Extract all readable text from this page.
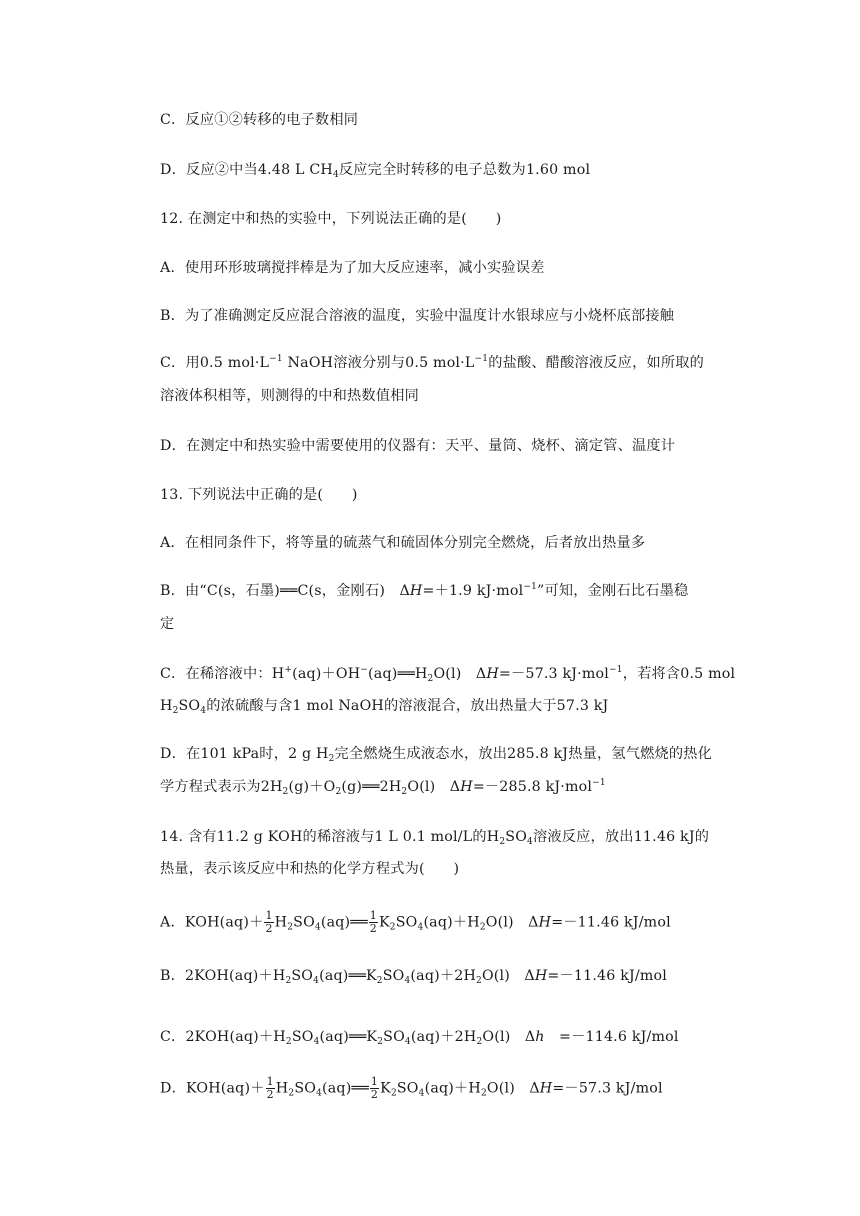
C．反应①②转移的电子数相同
D．反应②中当4.48 L $CH_4$反应完全时转移的电子总数为1.60 mol
12. 在测定中和热的实验中，下列说法正确的是(　　)
A．使用环形玻璃搅拌棒是为了加大反应速率，减小实验误差
B．为了准确测定反应混合溶液的温度，实验中温度计水银球应与小烧杯底部接触
C．用0.5 $mol\cdot L^{-1}$ NaOH溶液分别与0.5 $mol\cdot L^{-1}$的盐酸、醋酸溶液反应，如所取的
溶液体积相等，则测得的中和热数值相同
D．在测定中和热实验中需要使用的仪器有：天平、量筒、烧杯、滴定管、温度计
13. 下列说法中正确的是(　　)
A．在相同条件下，将等量的硫蒸气和硫固体分别完全燃烧，后者放出热量多
B．由“C(s，石墨)══C(s，金刚石)　ΔH=＋1.9 kJ·mol$^{-1}$”可知，金刚石比石墨稳
定
C．在稀溶液中：$H^+(aq)+OH^-(aq)══H_2O(l)$　ΔH=－57.3 kJ·mol$^{-1}$，若将含0.5 mol
$H_2SO_4$的浓硫酸与含1 mol NaOH的溶液混合，放出热量大于57.3 kJ
D．在101 kPa时，2 g $H_2$完全燃烧生成液态水，放出285.8 kJ热量，氢气燃烧的热化
学方程式表示为$2H_2(g)+O_2(g)══2H_2O(l)$　ΔH=－285.8 kJ·mol$^{-1}$
14. 含有11.2 g KOH的稀溶液与1 L 0.1 mol/L的$H_2SO_4$溶液反应，放出11.46 kJ的
热量，表示该反应中和热的化学方程式为(　　)
A．$KOH(aq)+ \frac{1}{2}$ $H_2SO_4(aq)══ \frac{1}{2} K_2SO_4(aq)+H_2O(l)$　ΔH=－11.46 kJ/mol
B．$2KOH(aq)+H_2SO_4(aq)══K_2SO_4(aq)+2H_2O(l)$　ΔH=－11.46 kJ/mol
C．$2KOH(aq)+H_2SO_4(aq)══K_2SO_4(aq)+2H_2O(l)$　Δh　=－114.6 kJ/mol
D．$KOH(aq)+ \frac{1}{2}$ $H_2SO_4(aq)══ \frac{1}{2} K_2SO_4(aq)+H_2O(l)$　ΔH=－57.3 kJ/mol
